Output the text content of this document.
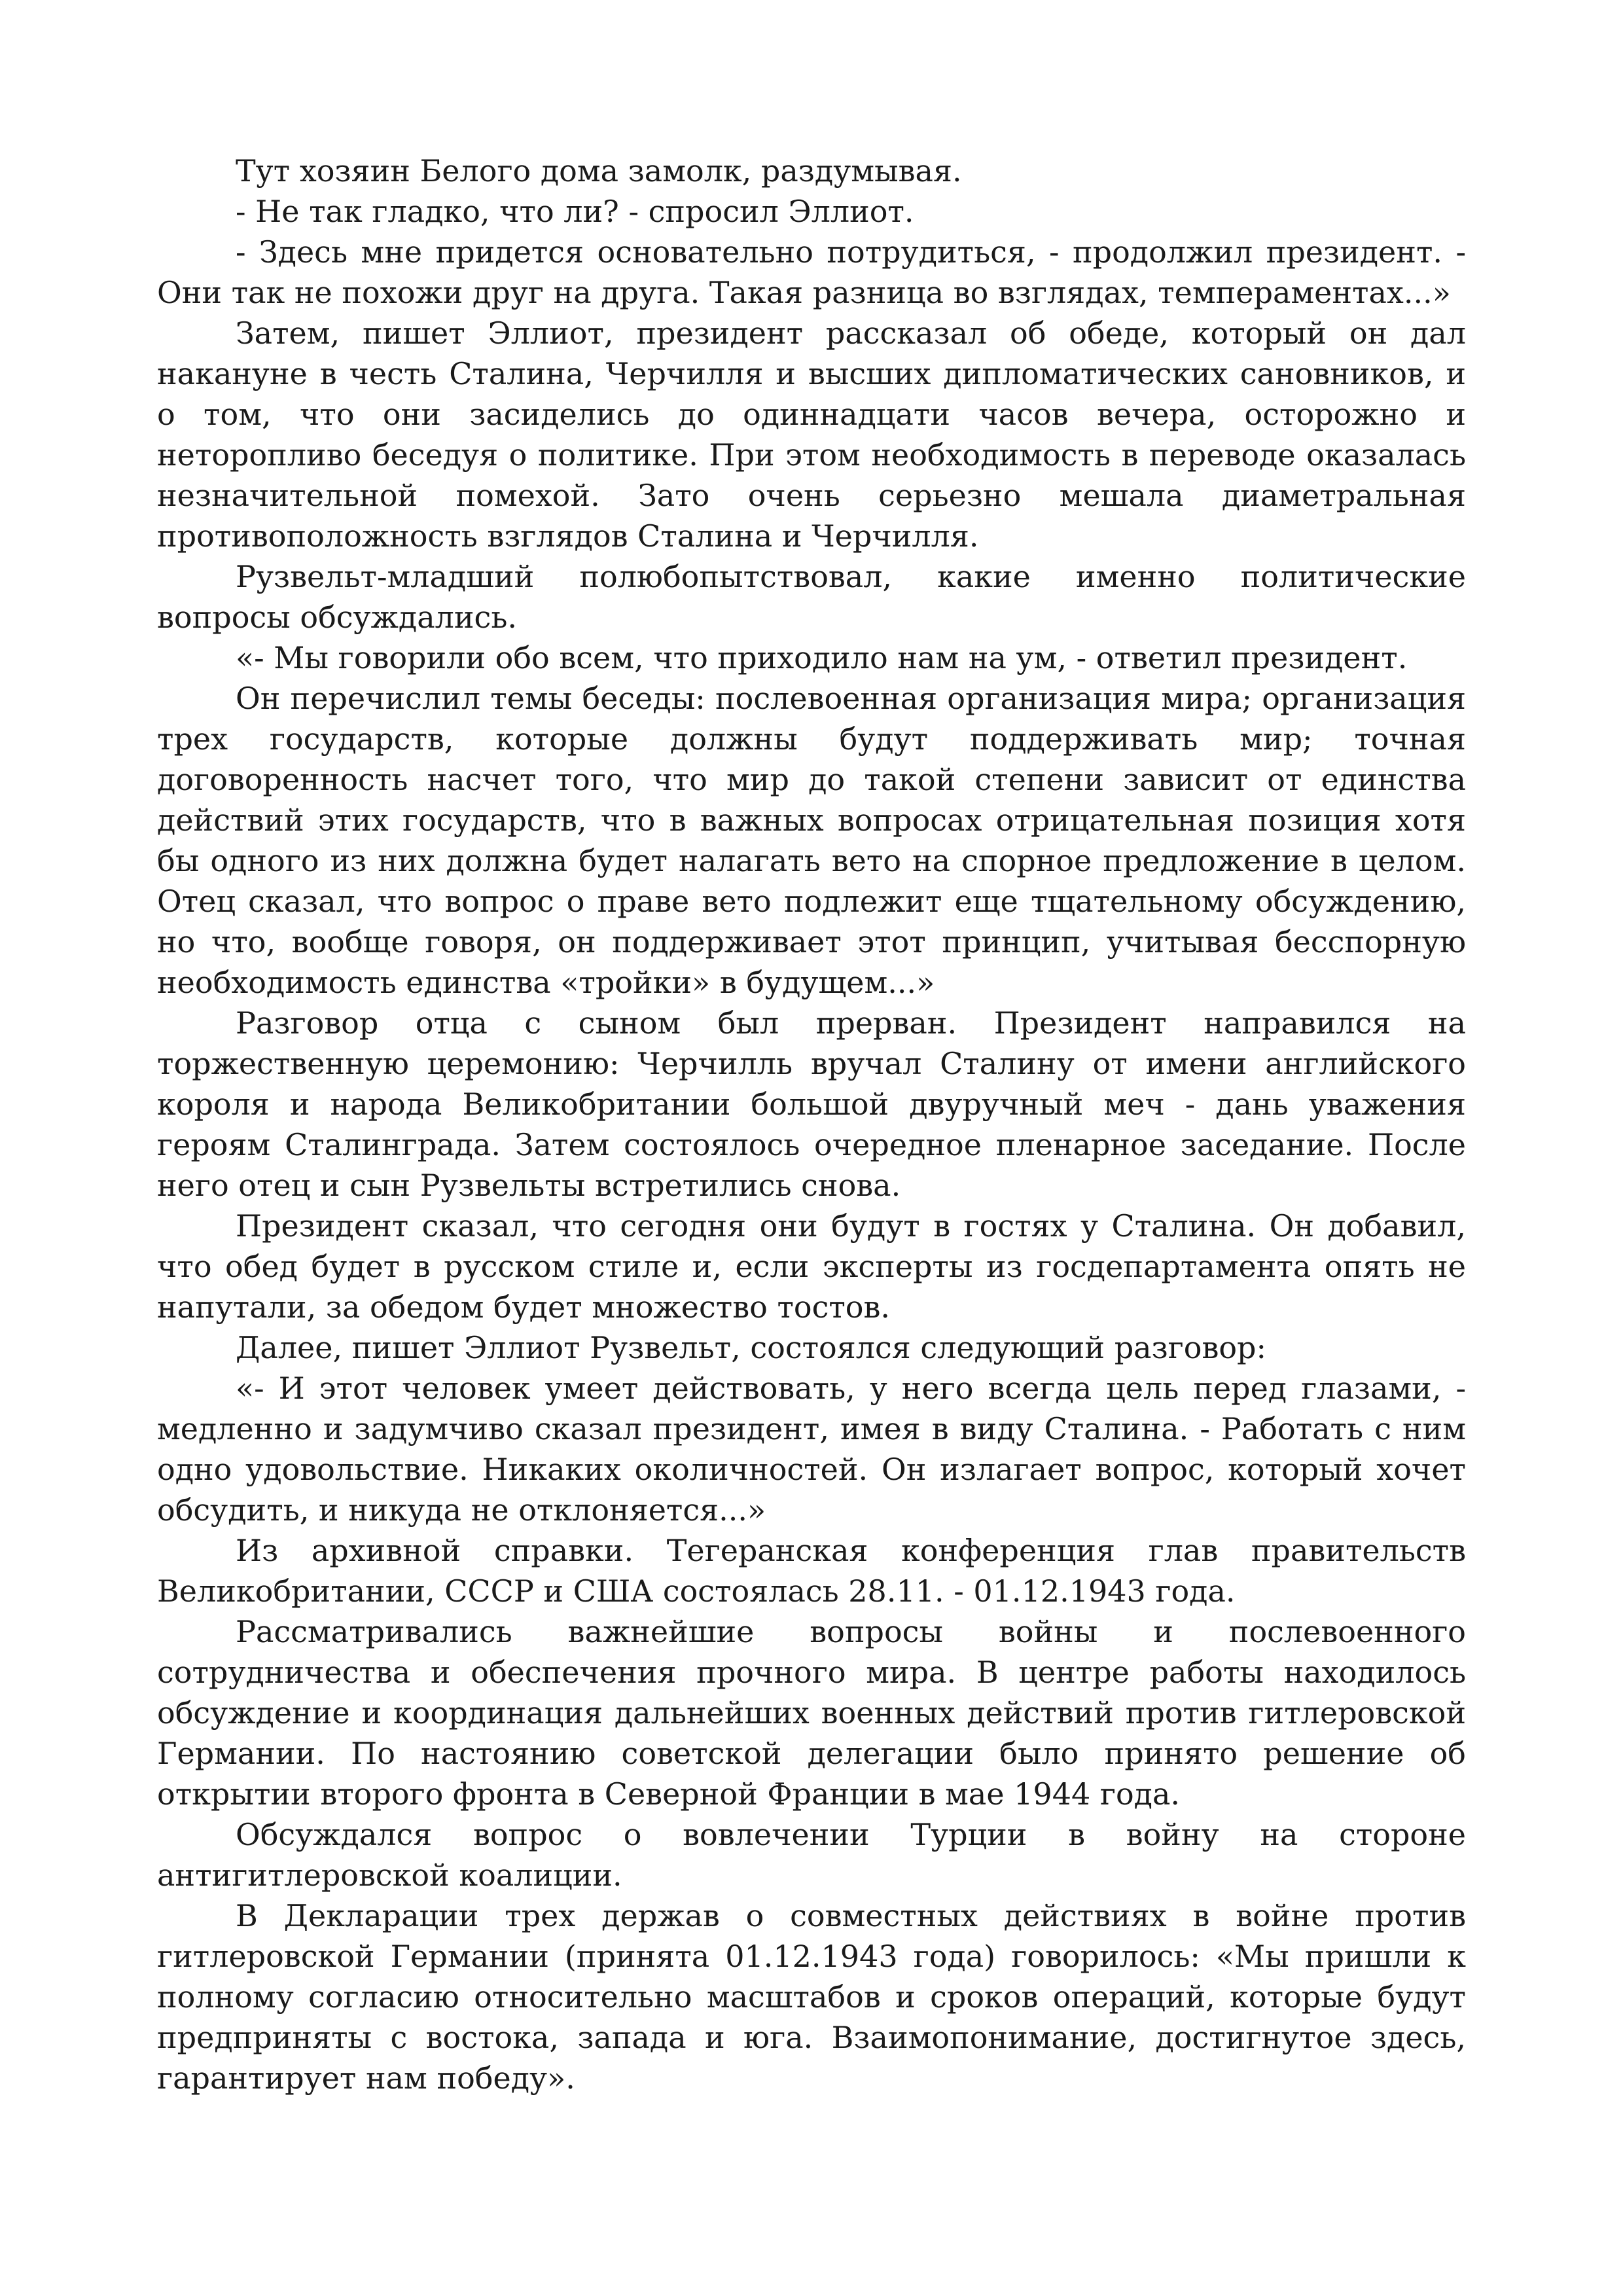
Тут хозяин Белого дома замолк, раздумывая.

- Не так гладко, что ли? - спросил Эллиот.

- Здесь мне придется основательно потрудиться, - продолжил президент. - Они так не похожи друг на друга. Такая разница во взглядах, темпераментах...»

Затем, пишет Эллиот, президент рассказал об обеде, который он дал накануне в честь Сталина, Черчилля и высших дипломатических сановников, и о том, что они засиделись до одиннадцати часов вечера, осторожно и неторопливо беседуя о политике. При этом необходимость в переводе оказалась незначительной помехой. Зато очень серьезно мешала диаметральная противоположность взглядов Сталина и Черчилля.

Рузвельт-младший полюбопытствовал, какие именно политические вопросы обсуждались.

«- Мы говорили обо всем, что приходило нам на ум, - ответил президент.

Он перечислил темы беседы: послевоенная организация мира; организация трех государств, которые должны будут поддерживать мир; точная договоренность насчет того, что мир до такой степени зависит от единства действий этих государств, что в важных вопросах отрицательная позиция хотя бы одного из них должна будет налагать вето на спорное предложение в целом. Отец сказал, что вопрос о праве вето подлежит еще тщательному обсуждению, но что, вообще говоря, он поддерживает этот принцип, учитывая бесспорную необходимость единства «тройки» в будущем...»

Разговор отца с сыном был прерван. Президент направился на торжественную церемонию: Черчилль вручал Сталину от имени английского короля и народа Великобритании большой двуручный меч - дань уважения героям Сталинграда. Затем состоялось очередное пленарное заседание. После него отец и сын Рузвельты встретились снова.

Президент сказал, что сегодня они будут в гостях у Сталина. Он добавил, что обед будет в русском стиле и, если эксперты из госдепартамента опять не напутали, за обедом будет множество тостов.

Далее, пишет Эллиот Рузвельт, состоялся следующий разговор:

«- И этот человек умеет действовать, у него всегда цель перед глазами, - медленно и задумчиво сказал президент, имея в виду Сталина. - Работать с ним одно удовольствие. Никаких околичностей. Он излагает вопрос, который хочет обсудить, и никуда не отклоняется...»

Из архивной справки. Тегеранская конференция глав правительств Великобритании, СССР и США состоялась 28.11. - 01.12.1943 года.

Рассматривались важнейшие вопросы войны и послевоенного сотрудничества и обеспечения прочного мира. В центре работы находилось обсуждение и координация дальнейших военных действий против гитлеровской Германии. По настоянию советской делегации было принято решение об открытии второго фронта в Северной Франции в мае 1944 года.

Обсуждался вопрос о вовлечении Турции в войну на стороне антигитлеровской коалиции.

В Декларации трех держав о совместных действиях в войне против гитлеровской Германии (принята 01.12.1943 года) говорилось: «Мы пришли к полному согласию относительно масштабов и сроков операций, которые будут предприняты с востока, запада и юга. Взаимопонимание, достигнутое здесь, гарантирует нам победу».
